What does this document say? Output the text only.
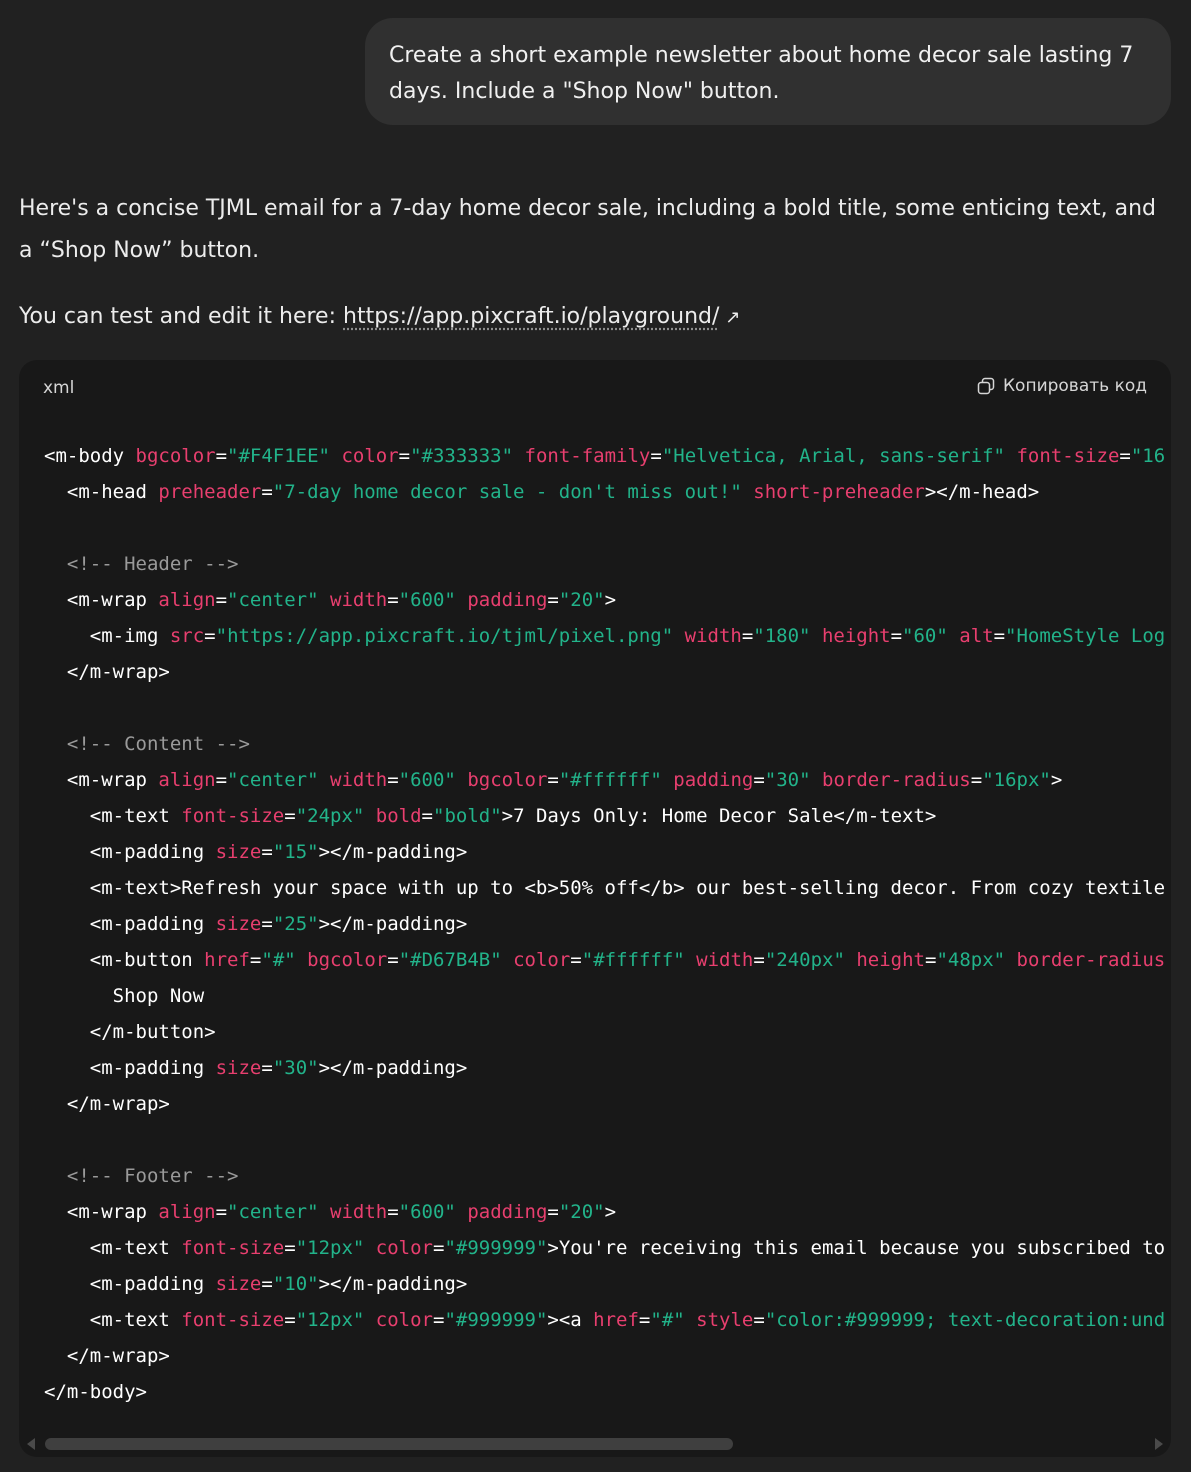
Create a short example newsletter about home decor sale lasting 7 days. Include a "Shop Now" button.
Here's a concise TJML email for a 7-day home decor sale, including a bold title, some enticing text, and a “Shop Now” button.
You can test and edit it here: https://app.pixcraft.io/playground/ ↗
xml	Копировать код
<m-body bgcolor="#F4F1EE" color="#333333" font-family="Helvetica, Arial, sans-serif" font-size="16
<m-head preheader="7-day home decor sale - don't miss out!" short-preheader></m-head>
<!-- Header -->
<m-wrap align="center" width="600" padding="20">
<m-img src="https://app.pixcraft.io/tjml/pixel.png" width="180" height="60" alt="HomeStyle Log
</m-wrap>
<!-- Content -->
<m-wrap align="center" width="600" bgcolor="#ffffff" padding="30" border-radius="16px">
<m-text font-size="24px" bold="bold">7 Days Only: Home Decor Sale</m-text>
<m-padding size="15"></m-padding>
<m-text>Refresh your space with up to <b>50% off</b> our best-selling decor. From cozy textile
<m-padding size="25"></m-padding>
<m-button href="#" bgcolor="#D67B4B" color="#ffffff" width="240px" height="48px" border-radius
Shop Now
</m-button>
<m-padding size="30"></m-padding>
</m-wrap>
<!-- Footer -->
<m-wrap align="center" width="600" padding="20">
<m-text font-size="12px" color="#999999">You're receiving this email because you subscribed to
<m-padding size="10"></m-padding>
<m-text font-size="12px" color="#999999"><a href="#" style="color:#999999; text-decoration:und
</m-wrap>
</m-body>
